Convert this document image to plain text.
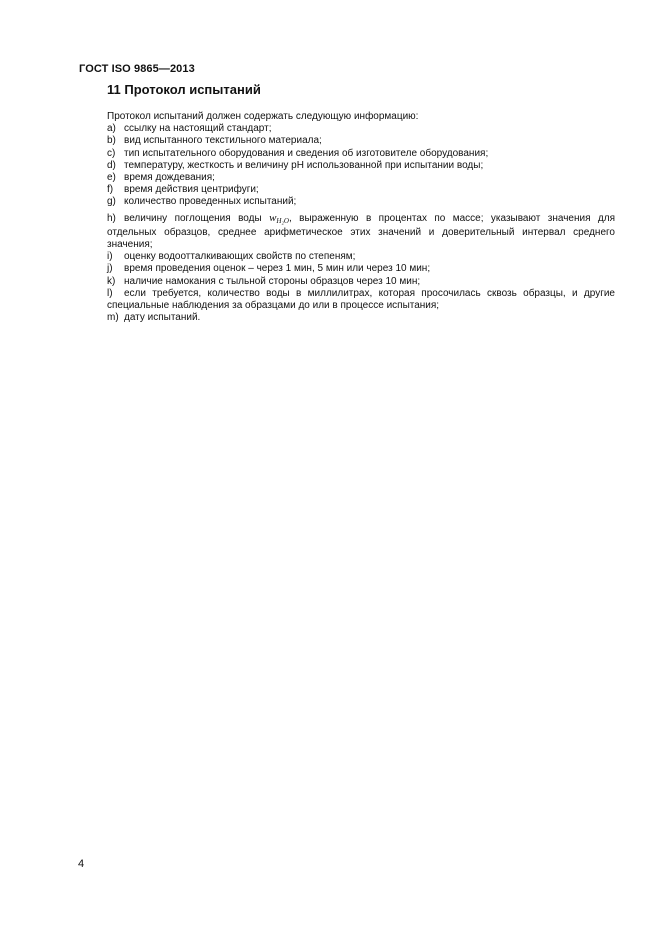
ГОСТ ISO 9865—2013
11 Протокол испытаний

Протокол испытаний должен содержать следующую информацию:

a) ссылку на настоящий стандарт;

b) вид испытанного текстильного материала;

c) тип испытательного оборудования и сведения об изготовителе оборудования;

d) температуру, жесткость и величину pH использованной при испытании воды;

e) время дождевания;

f) время действия центрифуги;

g) количество проведенных испытаний;

h) величину поглощения воды $w_{H_2O}$, выраженную в процентах по массе; указывают значения для отдельных образцов, среднее арифметическое этих значений и доверительный интервал среднего значения;

i) оценку водоотталкивающих свойств по степеням;

j) время проведения оценок – через 1 мин, 5 мин или через 10 мин;

k) наличие намокания с тыльной стороны образцов через 10 мин;

l) если требуется, количество воды в миллилитрах, которая просочилась сквозь образцы, и другие специальные наблюдения за образцами до или в процессе испытания;

m) дату испытаний.

4
